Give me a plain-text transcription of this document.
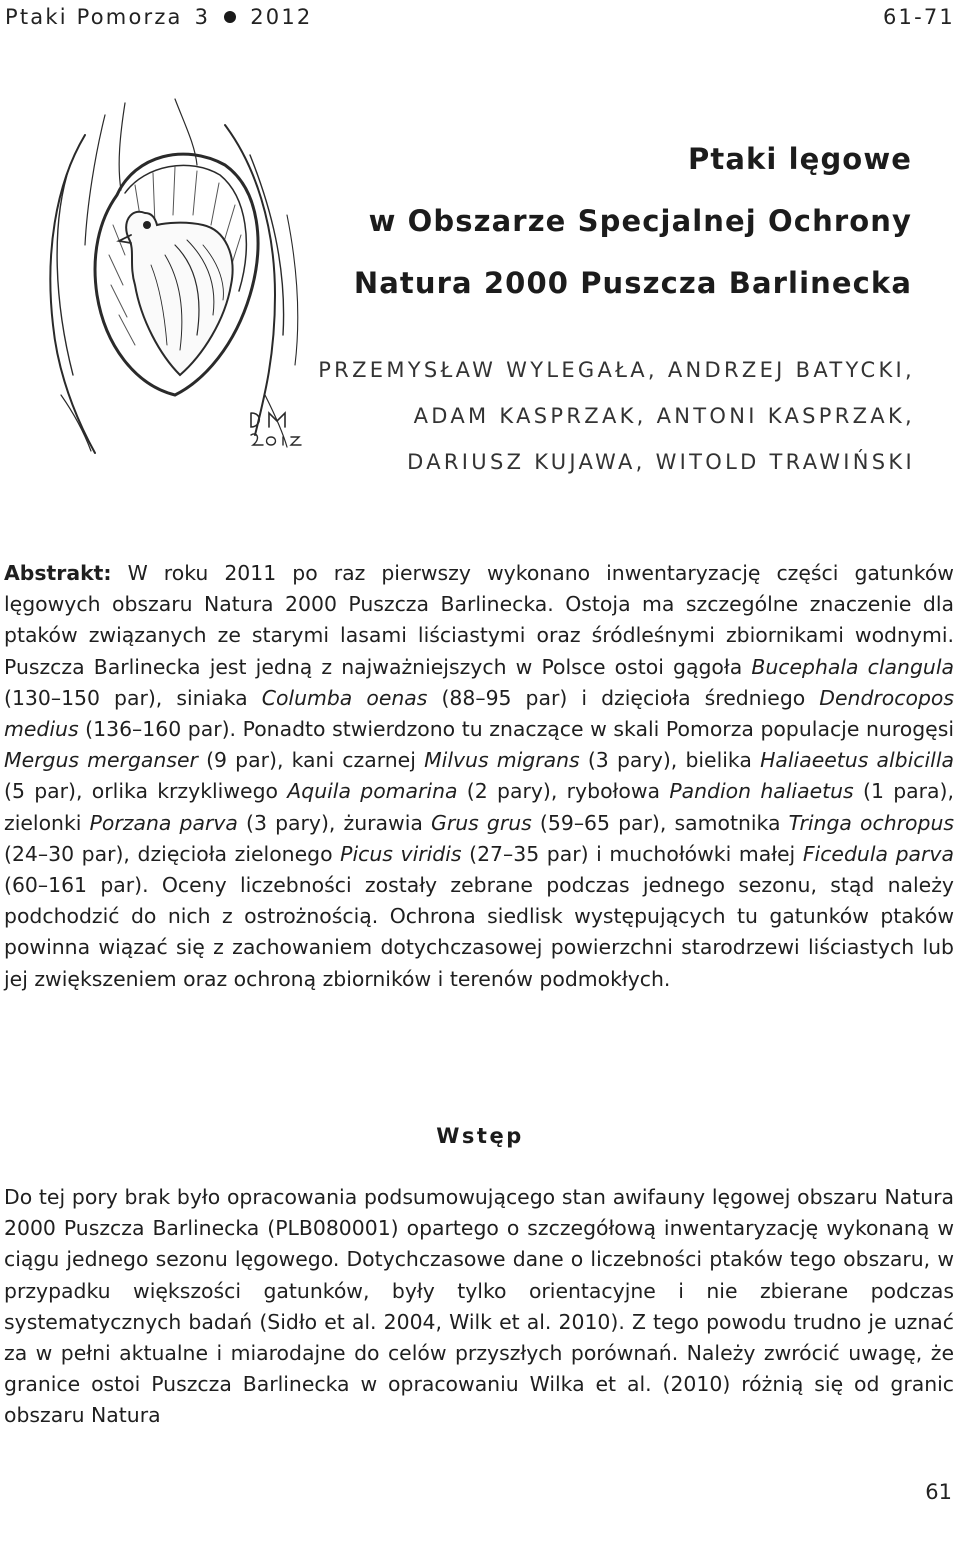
Ptaki Pomorza 3 2012	61-71
Ptaki lęgowe
w Obszarze Specjalnej Ochrony
Natura 2000 Puszcza Barlinecka
PRZEMYSŁAW WYLEGAŁA, ANDRZEJ BATYCKI,
ADAM KASPRZAK, ANTONI KASPRZAK,
DARIUSZ KUJAWA, WITOLD TRAWIŃSKI
Abstrakt: W roku 2011 po raz pierwszy wykonano inwentaryzację części gatunków lęgowych obszaru Natura 2000 Puszcza Barlinecka. Ostoja ma szczególne znaczenie dla ptaków związanych ze starymi lasami liściastymi oraz śródleśnymi zbiornikami wodnymi. Puszcza Barlinecka jest jedną z najważniejszych w Polsce ostoi gągoła Bucephala clangula (130–150 par), siniaka Columba oenas (88–95 par) i dzięcioła średniego Dendrocopos medius (136–160 par). Ponadto stwierdzono tu znaczące w skali Pomorza populacje nurogęsi Mergus merganser (9 par), kani czarnej Milvus migrans (3 pary), bielika Haliaeetus albicilla (5 par), orlika krzykliwego Aquila pomarina (2 pary), rybołowa Pandion haliaetus (1 para), zielonki Porzana parva (3 pary), żurawia Grus grus (59–65 par), samotnika Tringa ochropus (24–30 par), dzięcioła zielonego Picus viridis (27–35 par) i muchołówki małej Ficedula parva (60–161 par). Oceny liczebności zostały zebrane podczas jednego sezonu, stąd należy podchodzić do nich z ostrożnością. Ochrona siedlisk występujących tu gatunków ptaków powinna wiązać się z zachowaniem dotychczasowej powierzchni starodrzewi liściastych lub jej zwiększeniem oraz ochroną zbiorników i terenów podmokłych.
Wstęp
Do tej pory brak było opracowania podsumowującego stan awifauny lęgowej obszaru Natura 2000 Puszcza Barlinecka (PLB080001) opartego o szczegółową inwentaryzację wykonaną w ciągu jednego sezonu lęgowego. Dotychczasowe dane o liczebności ptaków tego obszaru, w przypadku większości gatunków, były tylko orientacyjne i nie zbierane podczas systematycznych badań (Sidło et al. 2004, Wilk et al. 2010). Z tego powodu trudno je uznać za w pełni aktualne i miarodajne do celów przyszłych porównań. Należy zwrócić uwagę, że granice ostoi Puszcza Barlinecka w opracowaniu Wilka et al. (2010) różnią się od granic obszaru Natura
61
